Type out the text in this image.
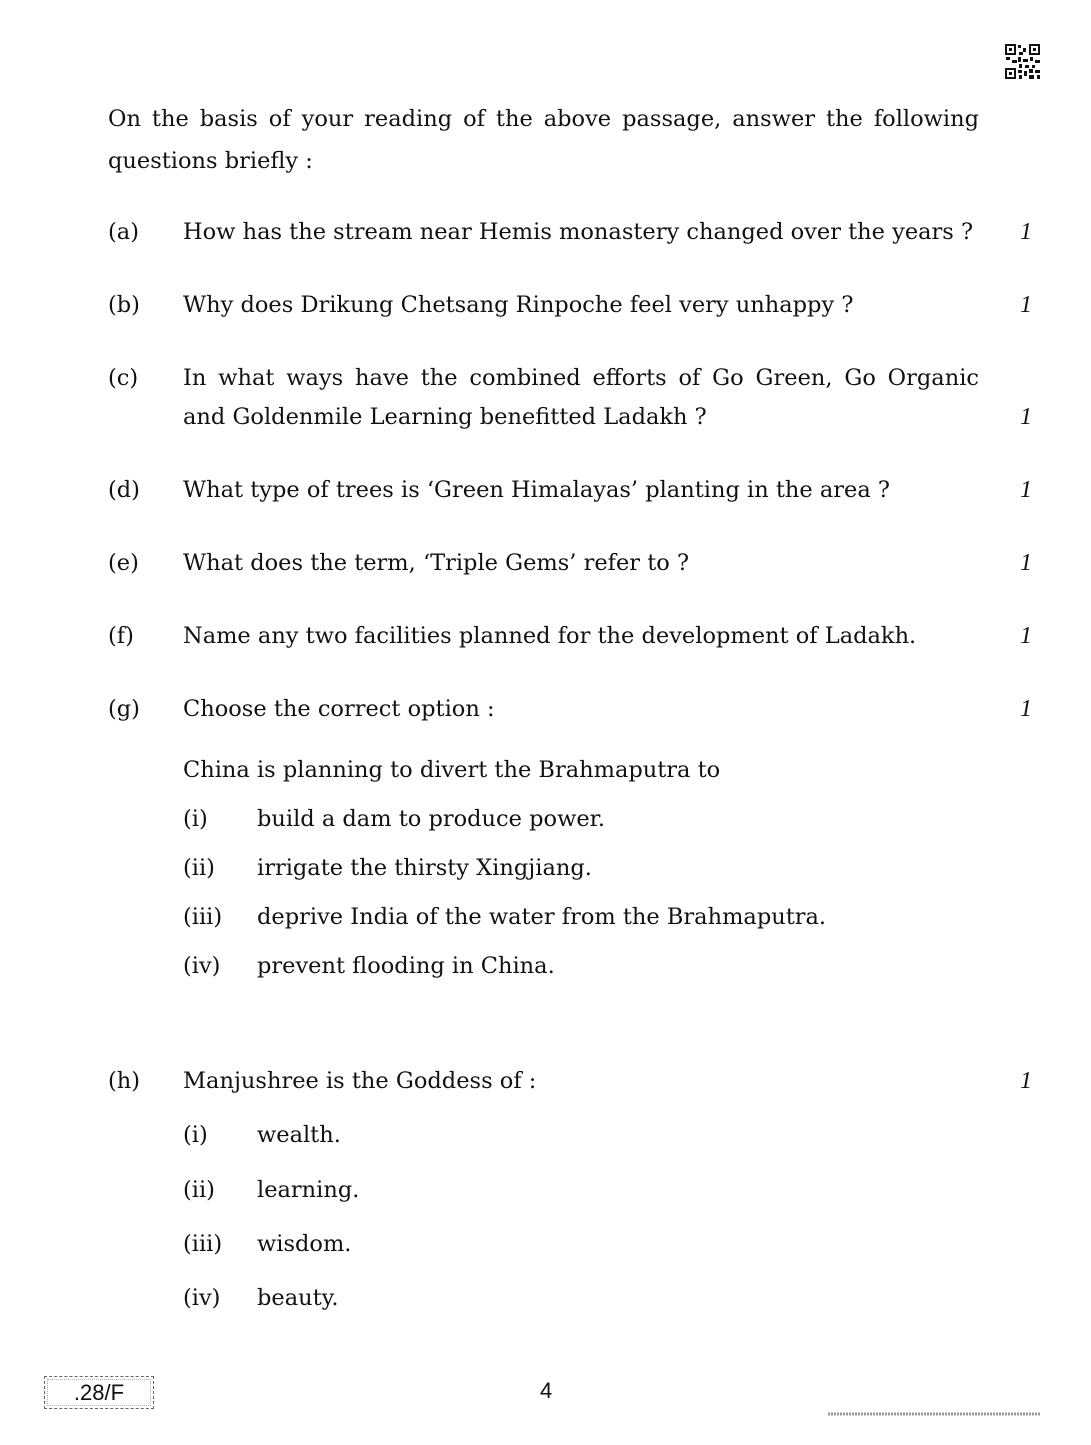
On the basis of your reading of the above passage, answer the following
questions briefly :
(a) How has the stream near Hemis monastery changed over the years ? 1
(b) Why does Drikung Chetsang Rinpoche feel very unhappy ?	1
(c) In what ways have the combined efforts of Go Green, Go Organic
and Goldenmile Learning benefitted Ladakh ?	1
(d) What type of trees is ‘Green Himalayas’ planting in the area ?	1
(e) What does the term, ‘Triple Gems’ refer to ?	1
(f) Name any two facilities planned for the development of Ladakh.	1
(g) Choose the correct option :	1
China is planning to divert the Brahmaputra to
(i) build a dam to produce power.
(ii) irrigate the thirsty Xingjiang.
(iii) deprive India of the water from the Brahmaputra.
(iv) prevent flooding in China.
(h) Manjushree is the Goddess of :	1
(i) wealth.
(ii) learning.
(iii) wisdom.
(iv) beauty.
.28/F	4
